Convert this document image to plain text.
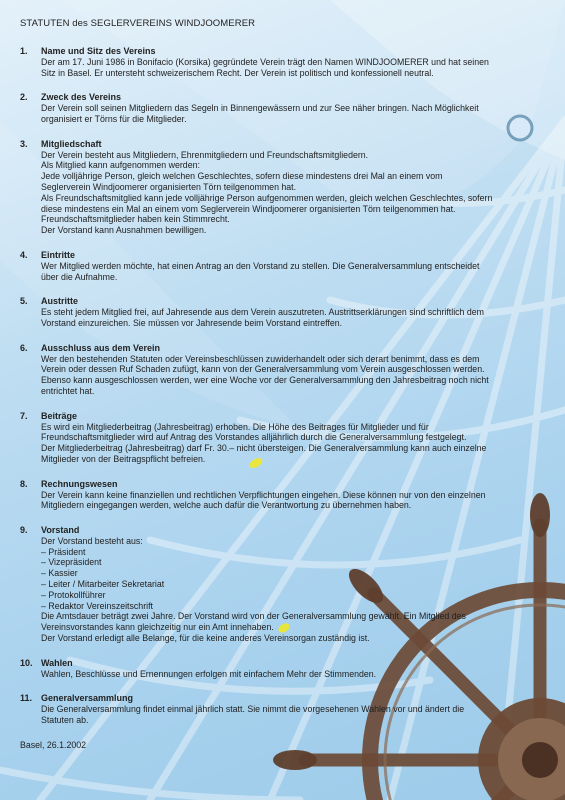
STATUTEN des SEGLERVEREINS WINDJOOMERER
1.	Name und Sitz des Vereins
Der am 17. Juni 1986 in Bonifacio (Korsika) gegründete Verein trägt den Namen WINDJOOMERER und hat seinen
Sitz in Basel. Er untersteht schweizerischem Recht. Der Verein ist politisch und konfessionell neutral.
2.	Zweck des Vereins
Der Verein soll seinen Mitgliedern das Segeln in Binnengewässern und zur See näher bringen. Nach Möglichkeit
organisiert er Törns für die Mitglieder.
3.	Mitgliedschaft
Der Verein besteht aus Mitgliedern, Ehrenmitgliedern und Freundschaftsmitgliedern.
Als Mitglied kann aufgenommen werden:
Jede volljährige Person, gleich welchen Geschlechtes, sofern diese mindestens drei Mal an einem vom
Seglerverein Windjoomerer organisierten Törn teilgenommen hat.
Als Freundschaftsmitglied kann jede volljährige Person aufgenommen werden, gleich welchen Geschlechtes, sofern
diese mindestens ein Mal an einem vom Seglerverein Windjoomerer organisierten Törn teilgenommen hat.
Freundschaftsmitglieder haben kein Stimmrecht.
Der Vorstand kann Ausnahmen bewilligen.
4.	Eintritte
Wer Mitglied werden möchte, hat einen Antrag an den Vorstand zu stellen. Die Generalversammlung entscheidet
über die Aufnahme.
5.	Austritte
Es steht jedem Mitglied frei, auf Jahresende aus dem Verein auszutreten. Austrittserklärungen sind schriftlich dem
Vorstand einzureichen. Sie müssen vor Jahresende beim Vorstand eintreffen.
6.	Ausschluss aus dem Verein
Wer den bestehenden Statuten oder Vereinsbeschlüssen zuwiderhandelt oder sich derart benimmt, dass es dem
Verein oder dessen Ruf Schaden zufügt, kann von der Generalversammlung vom Verein ausgeschlossen werden.
Ebenso kann ausgeschlossen werden, wer eine Woche vor der Generalversammlung den Jahresbeitrag noch nicht
entrichtet hat.
7.	Beiträge
Es wird ein Mitgliederbeitrag (Jahresbeitrag) erhoben. Die Höhe des Beitrages für Mitglieder und für
Freundschaftsmitglieder wird auf Antrag des Vorstandes alljährlich durch die Generalversammlung festgelegt.
Der Mitgliederbeitrag (Jahresbeitrag) darf Fr. 30.– nicht übersteigen. Die Generalversammlung kann auch einzelne
Mitglieder von der Beitragspflicht befreien.
8.	Rechnungswesen
Der Verein kann keine finanziellen und rechtlichen Verpflichtungen eingehen. Diese können nur von den einzelnen
Mitgliedern eingegangen werden, welche auch dafür die Verantwortung zu übernehmen haben.
9.	Vorstand
Der Vorstand besteht aus:
– Präsident
– Vizepräsident
– Kassier
– Leiter / Mitarbeiter Sekretariat
– Protokollführer
– Redaktor Vereinszeitschrift
Die Amtsdauer beträgt zwei Jahre. Der Vorstand wird von der Generalversammlung gewählt. Ein Mitglied des
Vereinsvorstandes kann gleichzeitig nur ein Amt innehaben.
Der Vorstand erledigt alle Belange, für die keine anderes Vereinsorgan zuständig ist.
10. Wahlen
Wahlen, Beschlüsse und Ernennungen erfolgen mit einfachem Mehr der Stimmenden.
11. Generalversammlung
Die Generalversammlung findet einmal jährlich statt. Sie nimmt die vorgesehenen Wahlen vor und ändert die
Statuten ab.
Basel, 26.1.2002
